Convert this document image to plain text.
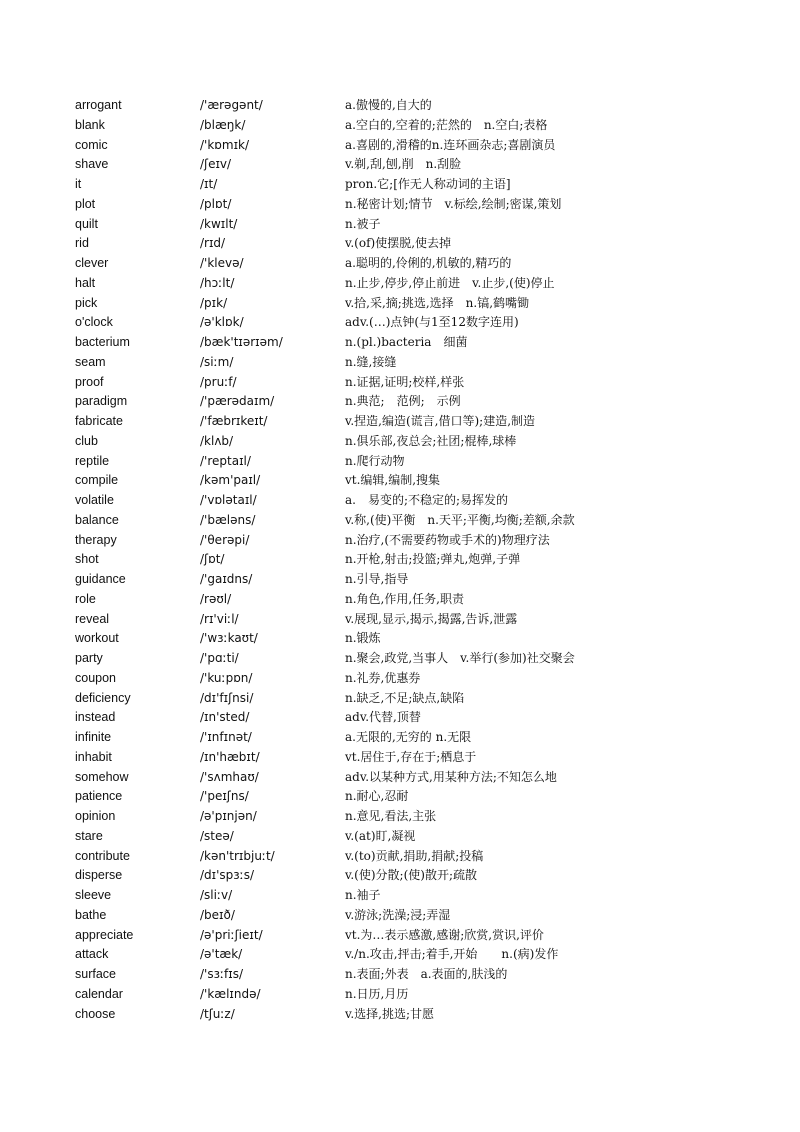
arrogant	/'ærəgənt/	a.傲慢的,自大的
blank	/blæŋk/	a.空白的,空着的;茫然的　n.空白;表格
comic	/'kɒmɪk/	a.喜剧的,滑稽的n.连环画杂志;喜剧演员
shave	/ʃeɪv/	v.剃,刮,刨,削　n.刮脸
it	/ɪt/	pron.它;[作无人称动词的主语]
plot	/plɒt/	n.秘密计划;情节　v.标绘,绘制;密谋,策划
quilt	/kwɪlt/	n.被子
rid	/rɪd/	v.(of)使摆脱,使去掉
clever	/'klevə/	a.聪明的,伶俐的,机敏的,精巧的
halt	/hɔːlt/	n.止步,停步,停止前进　v.止步,(使)停止
pick	/pɪk/	v.拾,采,摘;挑选,选择　n.镐,鹤嘴锄
o'clock	/ə'klɒk/	adv.(…)点钟(与1至12数字连用)
bacterium	/bæk'tɪərɪəm/	n.(pl.)bacteria　细菌
seam	/siːm/	n.缝,接缝
proof	/pruːf/	n.证据,证明;校样,样张
paradigm	/'pærədaɪm/	n.典范;　范例;　示例
fabricate	/'fæbrɪkeɪt/	v.捏造,编造(谎言,借口等);建造,制造
club	/klʌb/	n.俱乐部,夜总会;社团;棍棒,球棒
reptile	/'reptaɪl/	n.爬行动物
compile	/kəm'paɪl/	vt.编辑,编制,搜集
volatile	/'vɒlətaɪl/	a.　易变的;不稳定的;易挥发的
balance	/'bæləns/	v.称,(使)平衡　n.天平;平衡,均衡;差额,余款
therapy	/'θerəpi/	n.治疗,(不需要药物或手术的)物理疗法
shot	/ʃɒt/	n.开枪,射击;投篮;弹丸,炮弹,子弹
guidance	/'gaɪdns/	n.引导,指导
role	/rəʊl/	n.角色,作用,任务,职责
reveal	/rɪ'viːl/	v.展现,显示,揭示,揭露,告诉,泄露
workout	/'wɜːkaʊt/	n.锻炼
party	/'pɑːti/	n.聚会,政党,当事人　v.举行(参加)社交聚会
coupon	/'kuːpɒn/	n.礼券,优惠券
deficiency	/dɪ'fɪʃnsi/	n.缺乏,不足;缺点,缺陷
instead	/ɪn'sted/	adv.代替,顶替
infinite	/'ɪnfɪnət/	a.无限的,无穷的 n.无限
inhabit	/ɪn'hæbɪt/	vt.居住于,存在于;栖息于
somehow	/'sʌmhaʊ/	adv.以某种方式,用某种方法;不知怎么地
patience	/'peɪʃns/	n.耐心,忍耐
opinion	/ə'pɪnjən/	n.意见,看法,主张
stare	/steə/	v.(at)盯,凝视
contribute	/kən'trɪbjuːt/	v.(to)贡献,捐助,捐献;投稿
disperse	/dɪ'spɜːs/	v.(使)分散;(使)散开;疏散
sleeve	/sliːv/	n.袖子
bathe	/beɪð/	v.游泳;洗澡;浸;弄湿
appreciate	/ə'priːʃieɪt/	vt.为…表示感激,感谢;欣赏,赏识,评价
attack	/ə'tæk/	v./n.攻击,抨击;着手,开始　　n.(病)发作
surface	/'sɜːfɪs/	n.表面;外表　a.表面的,肤浅的
calendar	/'kælɪndə/	n.日历,月历
choose	/tʃuːz/	v.选择,挑选;甘愿
